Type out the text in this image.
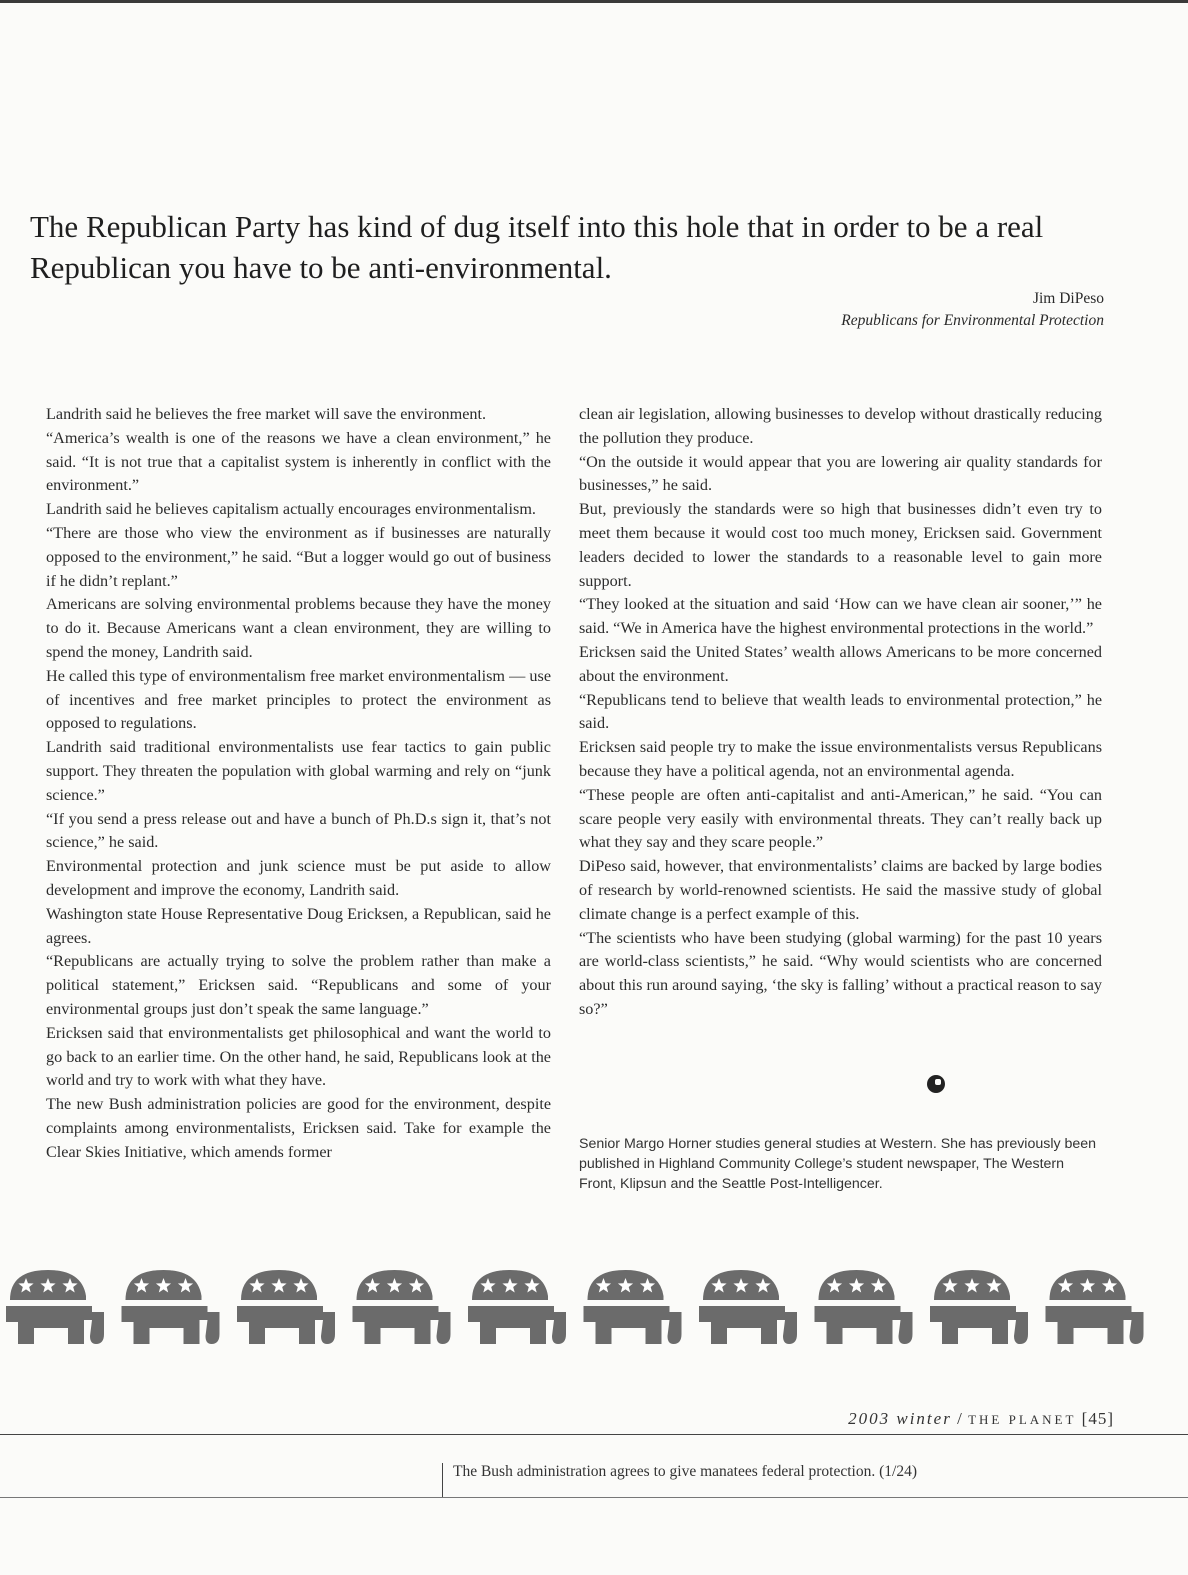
The Republican Party has kind of dug itself into this hole that in order to be a real Republican you have to be anti-environmental.
Jim DiPeso
Republicans for Environmental Protection

Landrith said he believes the free market will save the environment.

“America’s wealth is one of the reasons we have a clean environment,” he said. “It is not true that a capitalist system is inherently in conflict with the environment.”

Landrith said he believes capitalism actually encourages environmentalism.

“There are those who view the environment as if businesses are naturally opposed to the environment,” he said. “But a logger would go out of business if he didn’t replant.”

Americans are solving environmental problems because they have the money to do it. Because Americans want a clean environment, they are willing to spend the money, Landrith said.

He called this type of environmentalism free market environmentalism — use of incentives and free market principles to protect the environment as opposed to regulations.

Landrith said traditional environmentalists use fear tactics to gain public support. They threaten the population with global warming and rely on “junk science.”

“If you send a press release out and have a bunch of Ph.D.s sign it, that’s not science,” he said.

Environmental protection and junk science must be put aside to allow development and improve the economy, Landrith said.

Washington state House Representative Doug Ericksen, a Republican, said he agrees.

“Republicans are actually trying to solve the problem rather than make a political statement,” Ericksen said. “Republicans and some of your environmental groups just don’t speak the same language.”

Ericksen said that environmentalists get philosophical and want the world to go back to an earlier time. On the other hand, he said, Republicans look at the world and try to work with what they have.

The new Bush administration policies are good for the environment, despite complaints among environmentalists, Ericksen said. Take for example the Clear Skies Initiative, which amends former

clean air legislation, allowing businesses to develop without drastically reducing the pollution they produce.

“On the outside it would appear that you are lowering air quality standards for businesses,” he said.

But, previously the standards were so high that businesses didn’t even try to meet them because it would cost too much money, Ericksen said. Government leaders decided to lower the standards to a reasonable level to gain more support.

“They looked at the situation and said ‘How can we have clean air sooner,’” he said. “We in America have the highest environmental protections in the world.”

Ericksen said the United States’ wealth allows Americans to be more concerned about the environment.

“Republicans tend to believe that wealth leads to environmental protection,” he said.

Ericksen said people try to make the issue environmentalists versus Republicans because they have a political agenda, not an environmental agenda.

“These people are often anti-capitalist and anti-American,” he said. “You can scare people very easily with environmental threats. They can’t really back up what they say and they scare people.”

DiPeso said, however, that environmentalists’ claims are backed by large bodies of research by world-renowned scientists. He said the massive study of global climate change is a perfect example of this.

“The scientists who have been studying (global warming) for the past 10 years are world-class scientists,” he said. “Why would scientists who are concerned about this run around saying, ‘the sky is falling’ without a practical reason to say so?”

Senior Margo Horner studies general studies at Western. She has previously been published in Highland Community College’s student newspaper, The Western Front, Klipsun and the Seattle Post-Intelligencer.
2003 winter / THE PLANET [45]
The Bush administration agrees to give manatees federal protection. (1/24)
